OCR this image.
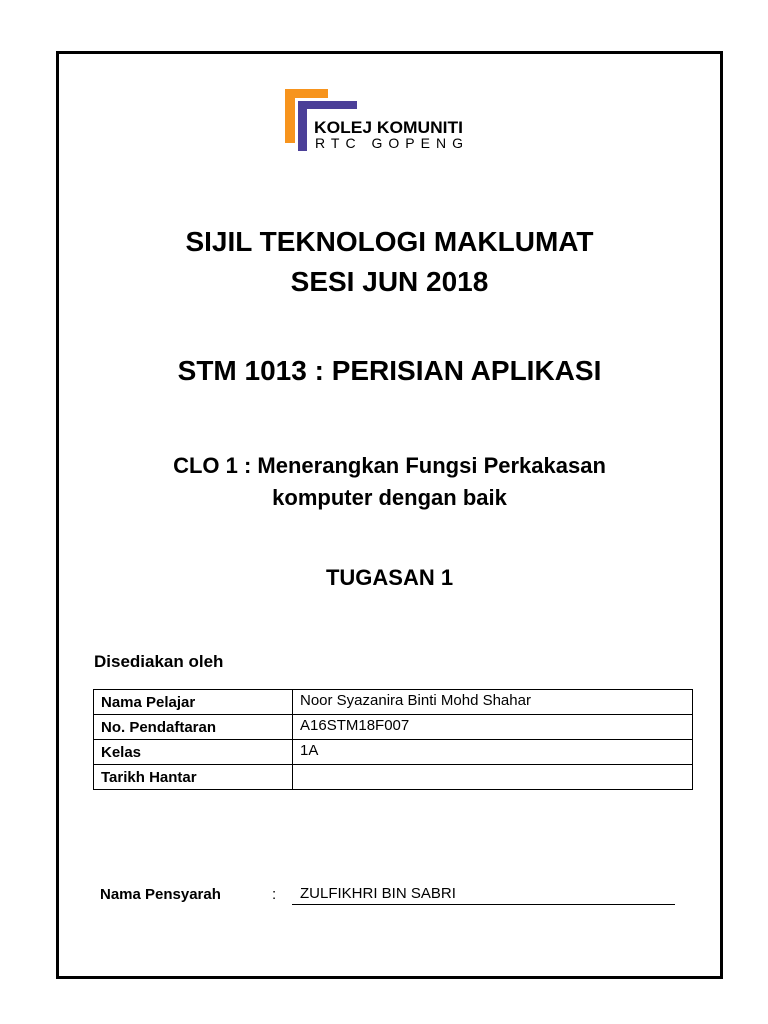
KOLEJ KOMUNITI
RTC GOPENG
SIJIL TEKNOLOGI MAKLUMAT
SESI JUN 2018
STM 1013 : PERISIAN APLIKASI
CLO 1 : Menerangkan Fungsi Perkakasan
komputer dengan baik
TUGASAN 1
Disediakan oleh
Nama Pelajar	Noor Syazanira Binti Mohd Shahar
No. Pendaftaran	A16STM18F007
Kelas	1A
Tarikh Hantar	
Nama Pensyarah	:	ZULFIKHRI BIN SABRI
